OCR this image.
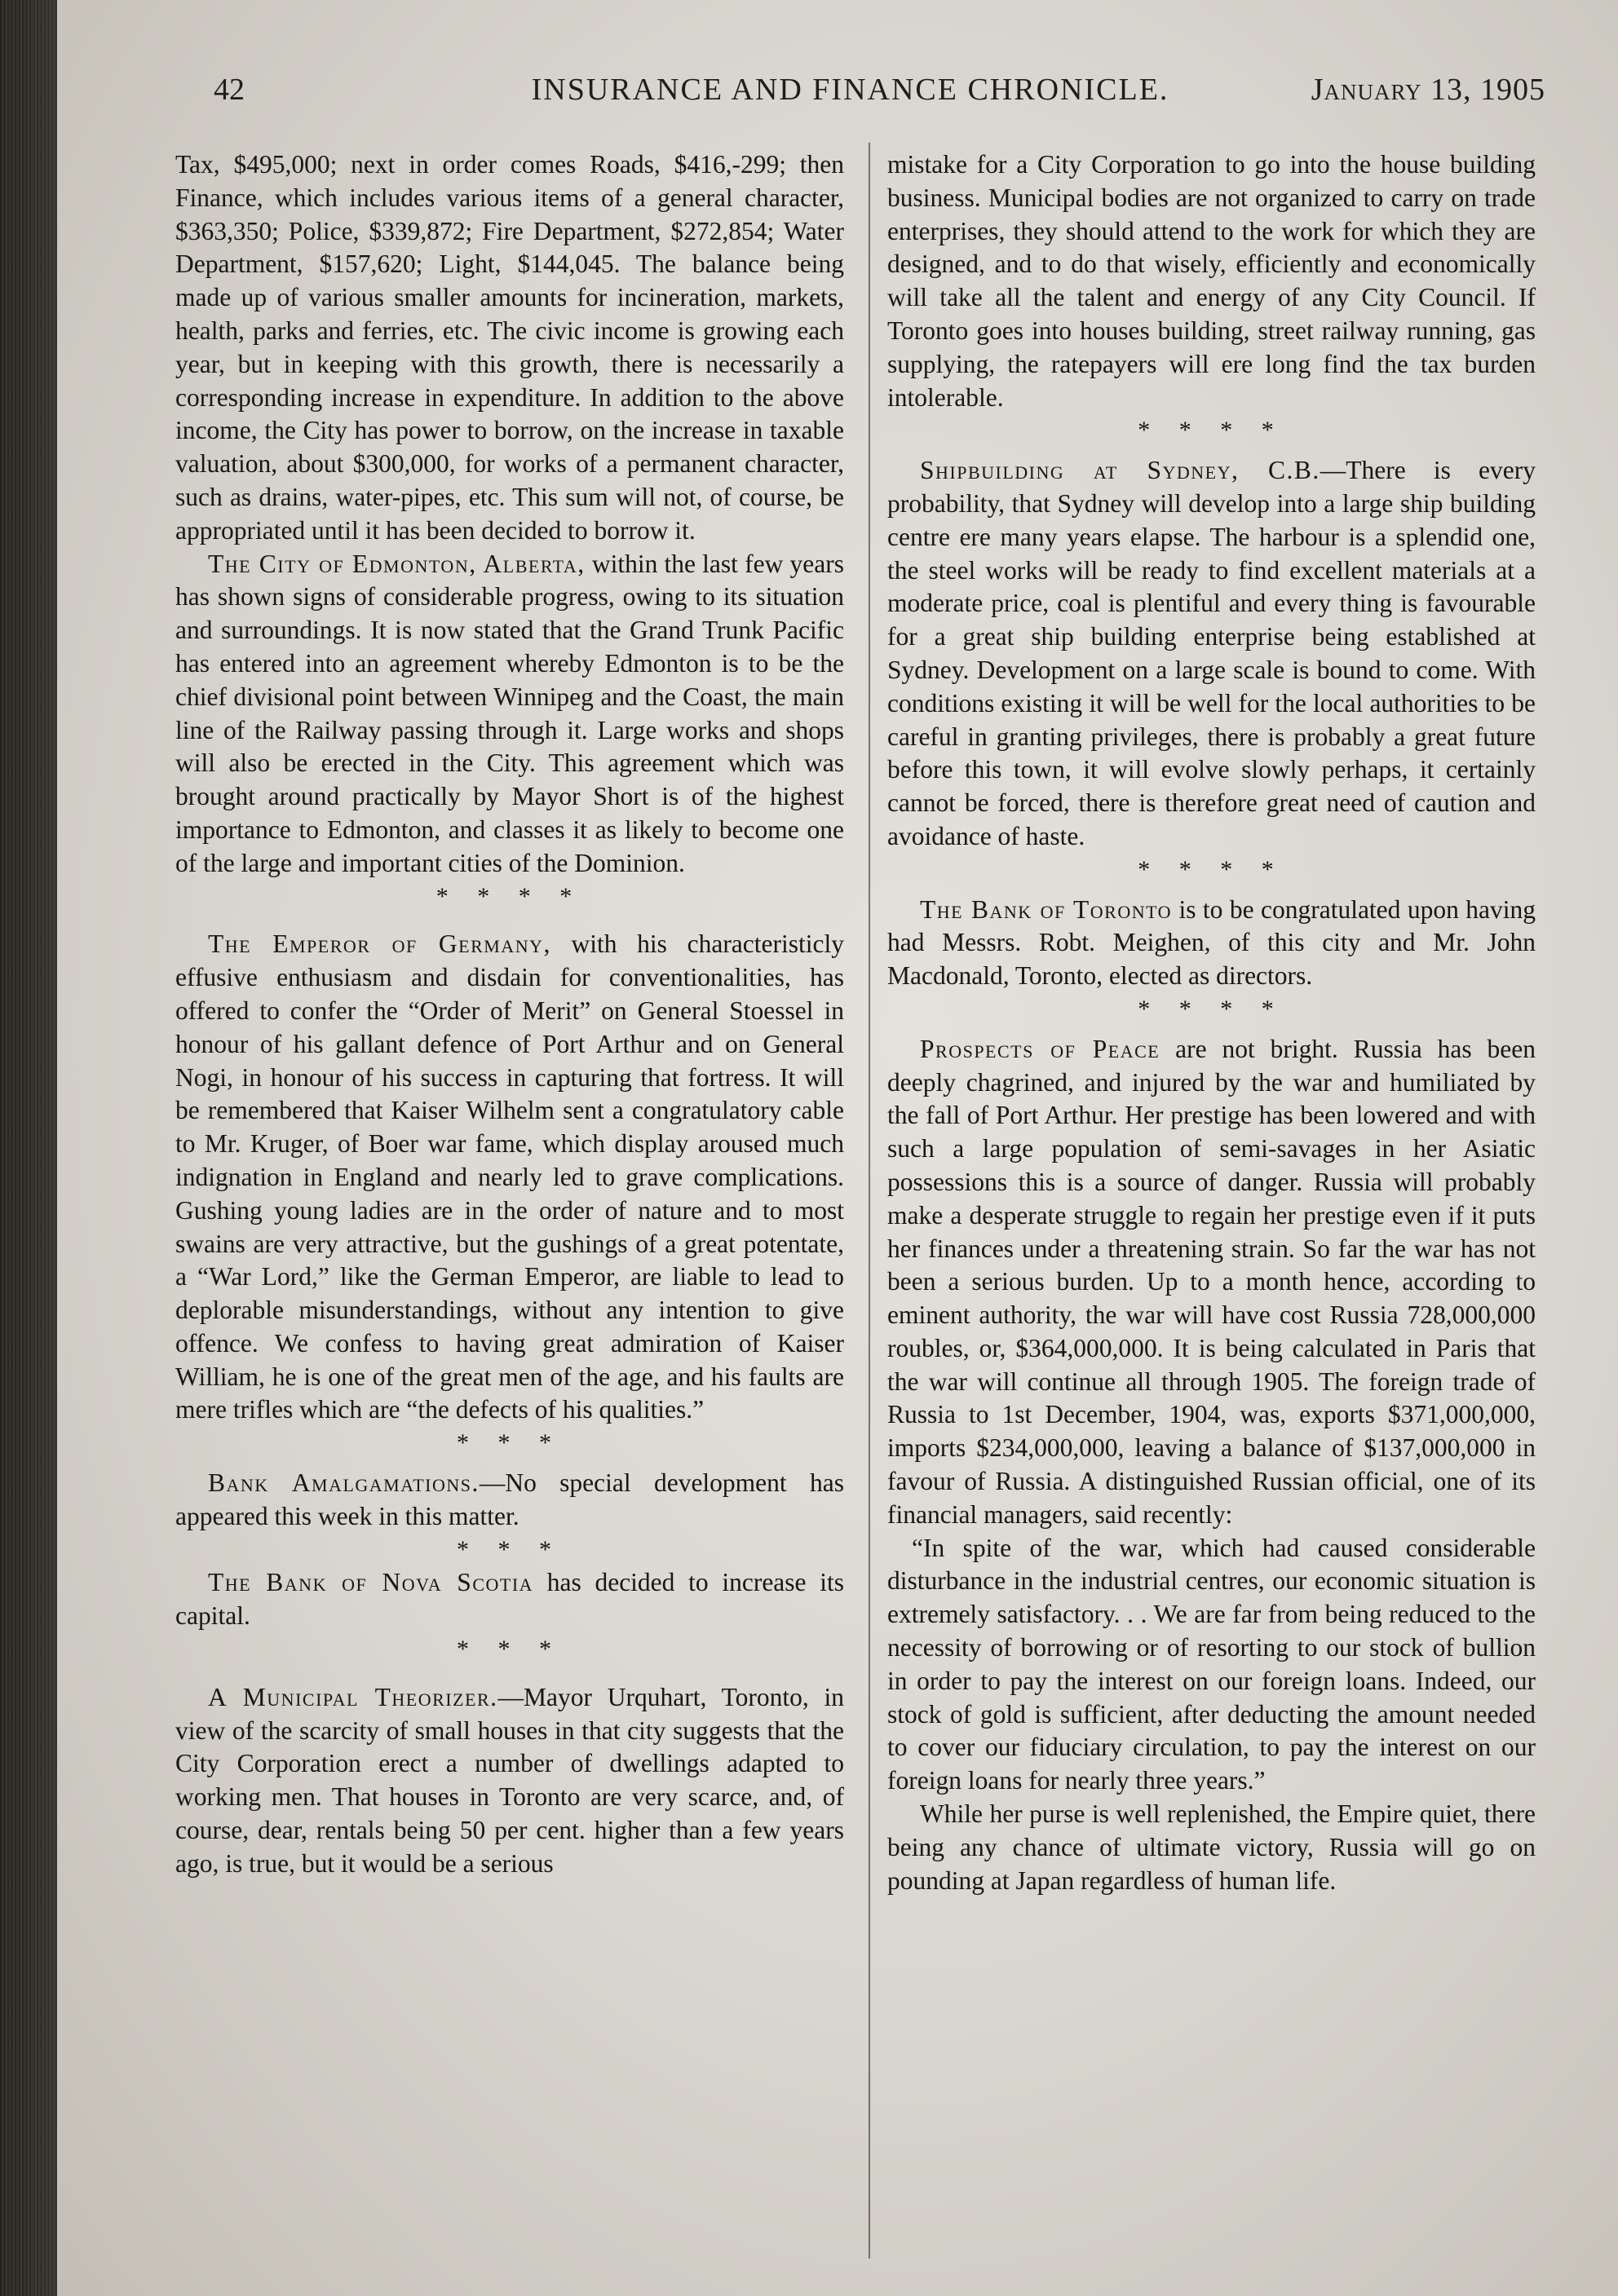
42	INSURANCE AND FINANCE CHRONICLE.	January 13, 1905

Tax, $495,000; next in order comes Roads, $416,-299; then Finance, which includes various items of a general character, $363,350; Police, $339,872; Fire Department, $272,854; Water Department, $157,620; Light, $144,045. The balance being made up of various smaller amounts for incineration, markets, health, parks and ferries, etc. The civic income is growing each year, but in keeping with this growth, there is necessarily a corresponding increase in expenditure. In addition to the above income, the City has power to borrow, on the increase in taxable valuation, about $300,000, for works of a permanent character, such as drains, water-pipes, etc. This sum will not, of course, be appropriated until it has been decided to borrow it.

The City of Edmonton, Alberta, within the last few years has shown signs of considerable progress, owing to its situation and surroundings. It is now stated that the Grand Trunk Pacific has entered into an agreement whereby Edmonton is to be the chief divisional point between Winnipeg and the Coast, the main line of the Railway passing through it. Large works and shops will also be erected in the City. This agreement which was brought around practically by Mayor Short is of the highest importance to Edmonton, and classes it as likely to become one of the large and important cities of the Dominion.

* * * *

The Emperor of Germany, with his characteristicly effusive enthusiasm and disdain for conventionalities, has offered to confer the “Order of Merit” on General Stoessel in honour of his gallant defence of Port Arthur and on General Nogi, in honour of his success in capturing that fortress. It will be remembered that Kaiser Wilhelm sent a congratulatory cable to Mr. Kruger, of Boer war fame, which display aroused much indignation in England and nearly led to grave complications. Gushing young ladies are in the order of nature and to most swains are very attractive, but the gushings of a great potentate, a “War Lord,” like the German Emperor, are liable to lead to deplorable misunderstandings, without any intention to give offence. We confess to having great admiration of Kaiser William, he is one of the great men of the age, and his faults are mere trifles which are “the defects of his qualities.”

* * *

Bank Amalgamations.—No special development has appeared this week in this matter.

* * *

The Bank of Nova Scotia has decided to increase its capital.

* * *

A Municipal Theorizer.—Mayor Urquhart, Toronto, in view of the scarcity of small houses in that city suggests that the City Corporation erect a number of dwellings adapted to working men. That houses in Toronto are very scarce, and, of course, dear, rentals being 50 per cent. higher than a few years ago, is true, but it would be a serious

mistake for a City Corporation to go into the house building business. Municipal bodies are not organized to carry on trade enterprises, they should attend to the work for which they are designed, and to do that wisely, efficiently and economically will take all the talent and energy of any City Council. If Toronto goes into houses building, street railway running, gas supplying, the ratepayers will ere long find the tax burden intolerable.

* * * *

Shipbuilding at Sydney, C.B.—There is every probability, that Sydney will develop into a large ship building centre ere many years elapse. The harbour is a splendid one, the steel works will be ready to find excellent materials at a moderate price, coal is plentiful and every thing is favourable for a great ship building enterprise being established at Sydney. Development on a large scale is bound to come. With conditions existing it will be well for the local authorities to be careful in granting privileges, there is probably a great future before this town, it will evolve slowly perhaps, it certainly cannot be forced, there is therefore great need of caution and avoidance of haste.

* * * *

The Bank of Toronto is to be congratulated upon having had Messrs. Robt. Meighen, of this city and Mr. John Macdonald, Toronto, elected as directors.

* * * *

Prospects of Peace are not bright. Russia has been deeply chagrined, and injured by the war and humiliated by the fall of Port Arthur. Her prestige has been lowered and with such a large population of semi-savages in her Asiatic possessions this is a source of danger. Russia will probably make a desperate struggle to regain her prestige even if it puts her finances under a threatening strain. So far the war has not been a serious burden. Up to a month hence, according to eminent authority, the war will have cost Russia 728,000,000 roubles, or, $364,000,000. It is being calculated in Paris that the war will continue all through 1905. The foreign trade of Russia to 1st December, 1904, was, exports $371,000,000, imports $234,000,000, leaving a balance of $137,000,000 in favour of Russia. A distinguished Russian official, one of its financial managers, said recently:

“In spite of the war, which had caused considerable disturbance in the industrial centres, our economic situation is extremely satisfactory. . . We are far from being reduced to the necessity of borrowing or of resorting to our stock of bullion in order to pay the interest on our foreign loans. Indeed, our stock of gold is sufficient, after deducting the amount needed to cover our fiduciary circulation, to pay the interest on our foreign loans for nearly three years.”

While her purse is well replenished, the Empire quiet, there being any chance of ultimate victory, Russia will go on pounding at Japan regardless of human life.
